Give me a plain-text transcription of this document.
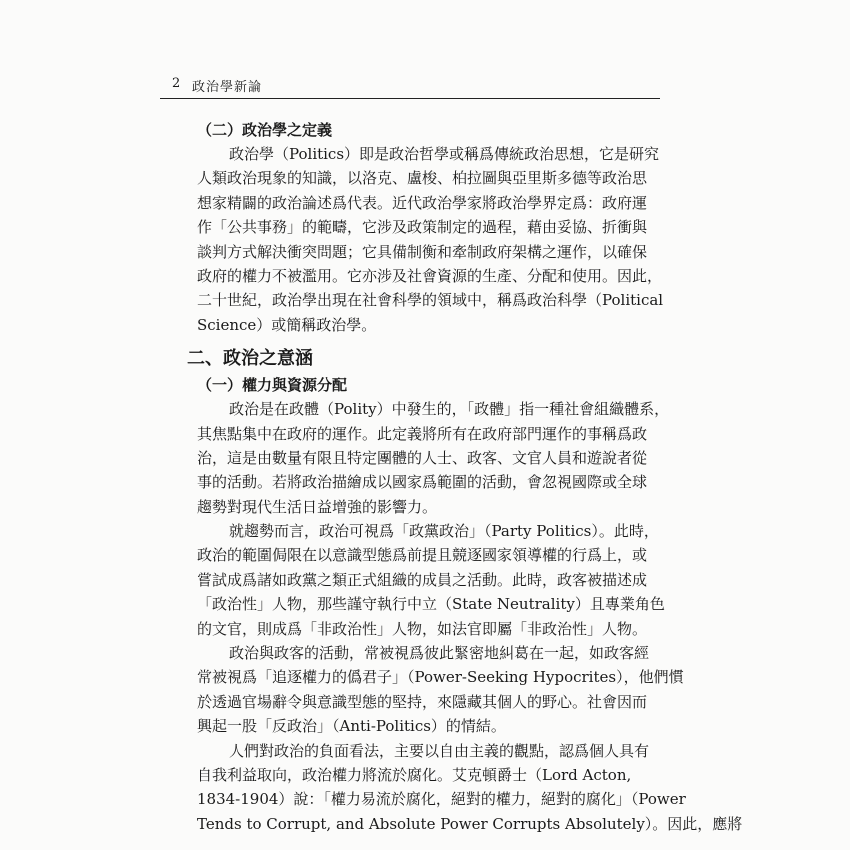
2 政治學新論
（二）政治學之定義
政治學（Politics）即是政治哲學或稱爲傳統政治思想，它是研究
人類政治現象的知識，以洛克、盧梭、柏拉圖與亞里斯多德等政治思
想家精闢的政治論述爲代表。近代政治學家將政治學界定爲：政府運
作「公共事務」的範疇，它涉及政策制定的過程，藉由妥協、折衝與
談判方式解決衝突問題；它具備制衡和牽制政府架構之運作，以確保
政府的權力不被濫用。它亦涉及社會資源的生產、分配和使用。因此，
二十世紀，政治學出現在社會科學的領域中，稱爲政治科學（Political
Science）或簡稱政治學。
二、政治之意涵
（一）權力與資源分配
政治是在政體（Polity）中發生的，「政體」指一種社會組織體系，
其焦點集中在政府的運作。此定義將所有在政府部門運作的事稱爲政
治，這是由數量有限且特定團體的人士、政客、文官人員和遊說者從
事的活動。若將政治描繪成以國家爲範圍的活動，會忽視國際或全球
趨勢對現代生活日益增強的影響力。
就趨勢而言，政治可視爲「政黨政治」（Party Politics）。此時，
政治的範圍侷限在以意識型態爲前提且競逐國家領導權的行爲上，或
嘗試成爲諸如政黨之類正式組織的成員之活動。此時，政客被描述成
「政治性」人物，那些謹守執行中立（State Neutrality）且專業角色
的文官，則成爲「非政治性」人物，如法官即屬「非政治性」人物。
政治與政客的活動，常被視爲彼此緊密地糾葛在一起，如政客經
常被視爲「追逐權力的僞君子」（Power-Seeking Hypocrites），他們慣
於透過官場辭令與意識型態的堅持，來隱藏其個人的野心。社會因而
興起一股「反政治」（Anti-Politics）的情結。
人們對政治的負面看法，主要以自由主義的觀點，認爲個人具有
自我利益取向，政治權力將流於腐化。艾克頓爵士（Lord Acton,
1834-1904）說：「權力易流於腐化，絕對的權力，絕對的腐化」（Power
Tends to Corrupt, and Absolute Power Corrupts Absolutely）。因此，應將
